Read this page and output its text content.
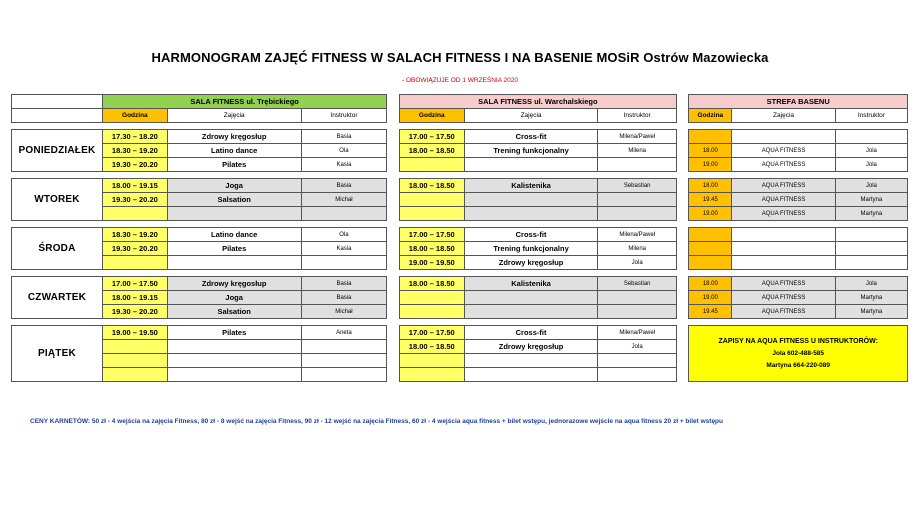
HARMONOGRAM ZAJĘĆ FITNESS W SALACH FITNESS I NA BASENIE MOSiR Ostrów Mazowiecka
- OBOWIĄZUJE OD 1 WRZEŚNIA 2020
	SALA FITNESS ul. Trębickiego				SALA FITNESS ul. Warchalskiego				STREFA BASENU		
	Godzina	Zajęcia	Instruktor		Godzina	Zajęcia	Instruktor		Godzina	Zajęcia	Instruktor

PONIEDZIAŁEK	17.30 – 18.20	Zdrowy kręgosłup	Basia		17.00 – 17.50	Cross-fit	Milena/Paweł				
	18.30 – 19.20	Latino dance	Ola		18.00 – 18.50	Trening funkcjonalny	Milena		18.00	AQUA FITNESS	Jola
	19.30 – 20.20	Pilates	Kasia						19.00	AQUA FITNESS	Jola

WTOREK	18.00 – 19.15	Joga	Basia		18.00 – 18.50	Kalistenika	Sebastian		18.00	AQUA FITNESS	Jola
	19.30 – 20.20	Salsation	Michał						19.45	AQUA FITNESS	Martyna
									19.00	AQUA FITNESS	Martyna

ŚRODA	18.30 – 19.20	Latino dance	Ola		17.00 – 17.50	Cross-fit	Milena/Paweł				
	19.30 – 20.20	Pilates	Kasia		18.00 – 18.50	Trening funkcjonalny	Milena				
					19.00 – 19.50	Zdrowy kręgosłup	Jola				

CZWARTEK	17.00 – 17.50	Zdrowy kręgosłup	Basia		18.00 – 18.50	Kalistenika	Sebastian		18.00	AQUA FITNESS	Jola
	18.00 – 19.15	Joga	Basia						19.00	AQUA FITNESS	Martyna
	19.30 – 20.20	Salsation	Michał						19.45	AQUA FITNESS	Martyna

PIĄTEK	19.00 – 19.50	Pilates	Aneta		17.00 – 17.50	Cross-fit	Milena/Paweł		ZAPISY NA AQUA FITNESS U INSTRUKTORÓW:
Jola 602-488-585
Martyna 664-220-089		

					18.00 – 18.50	Zdrowy kręgosłup	Jola				

CENY KARNETÓW: 50 zł - 4 wejścia na zajęcia Fitness, 80 zł - 8 wejść na zajęcia Fitness, 90 zł - 12 wejść na zajęcia Fitness, 60 zł - 4 wejścia aqua fitness + bilet wstępu, jednorazowe wejście na aqua fitness 20 zł + bilet wstępu
